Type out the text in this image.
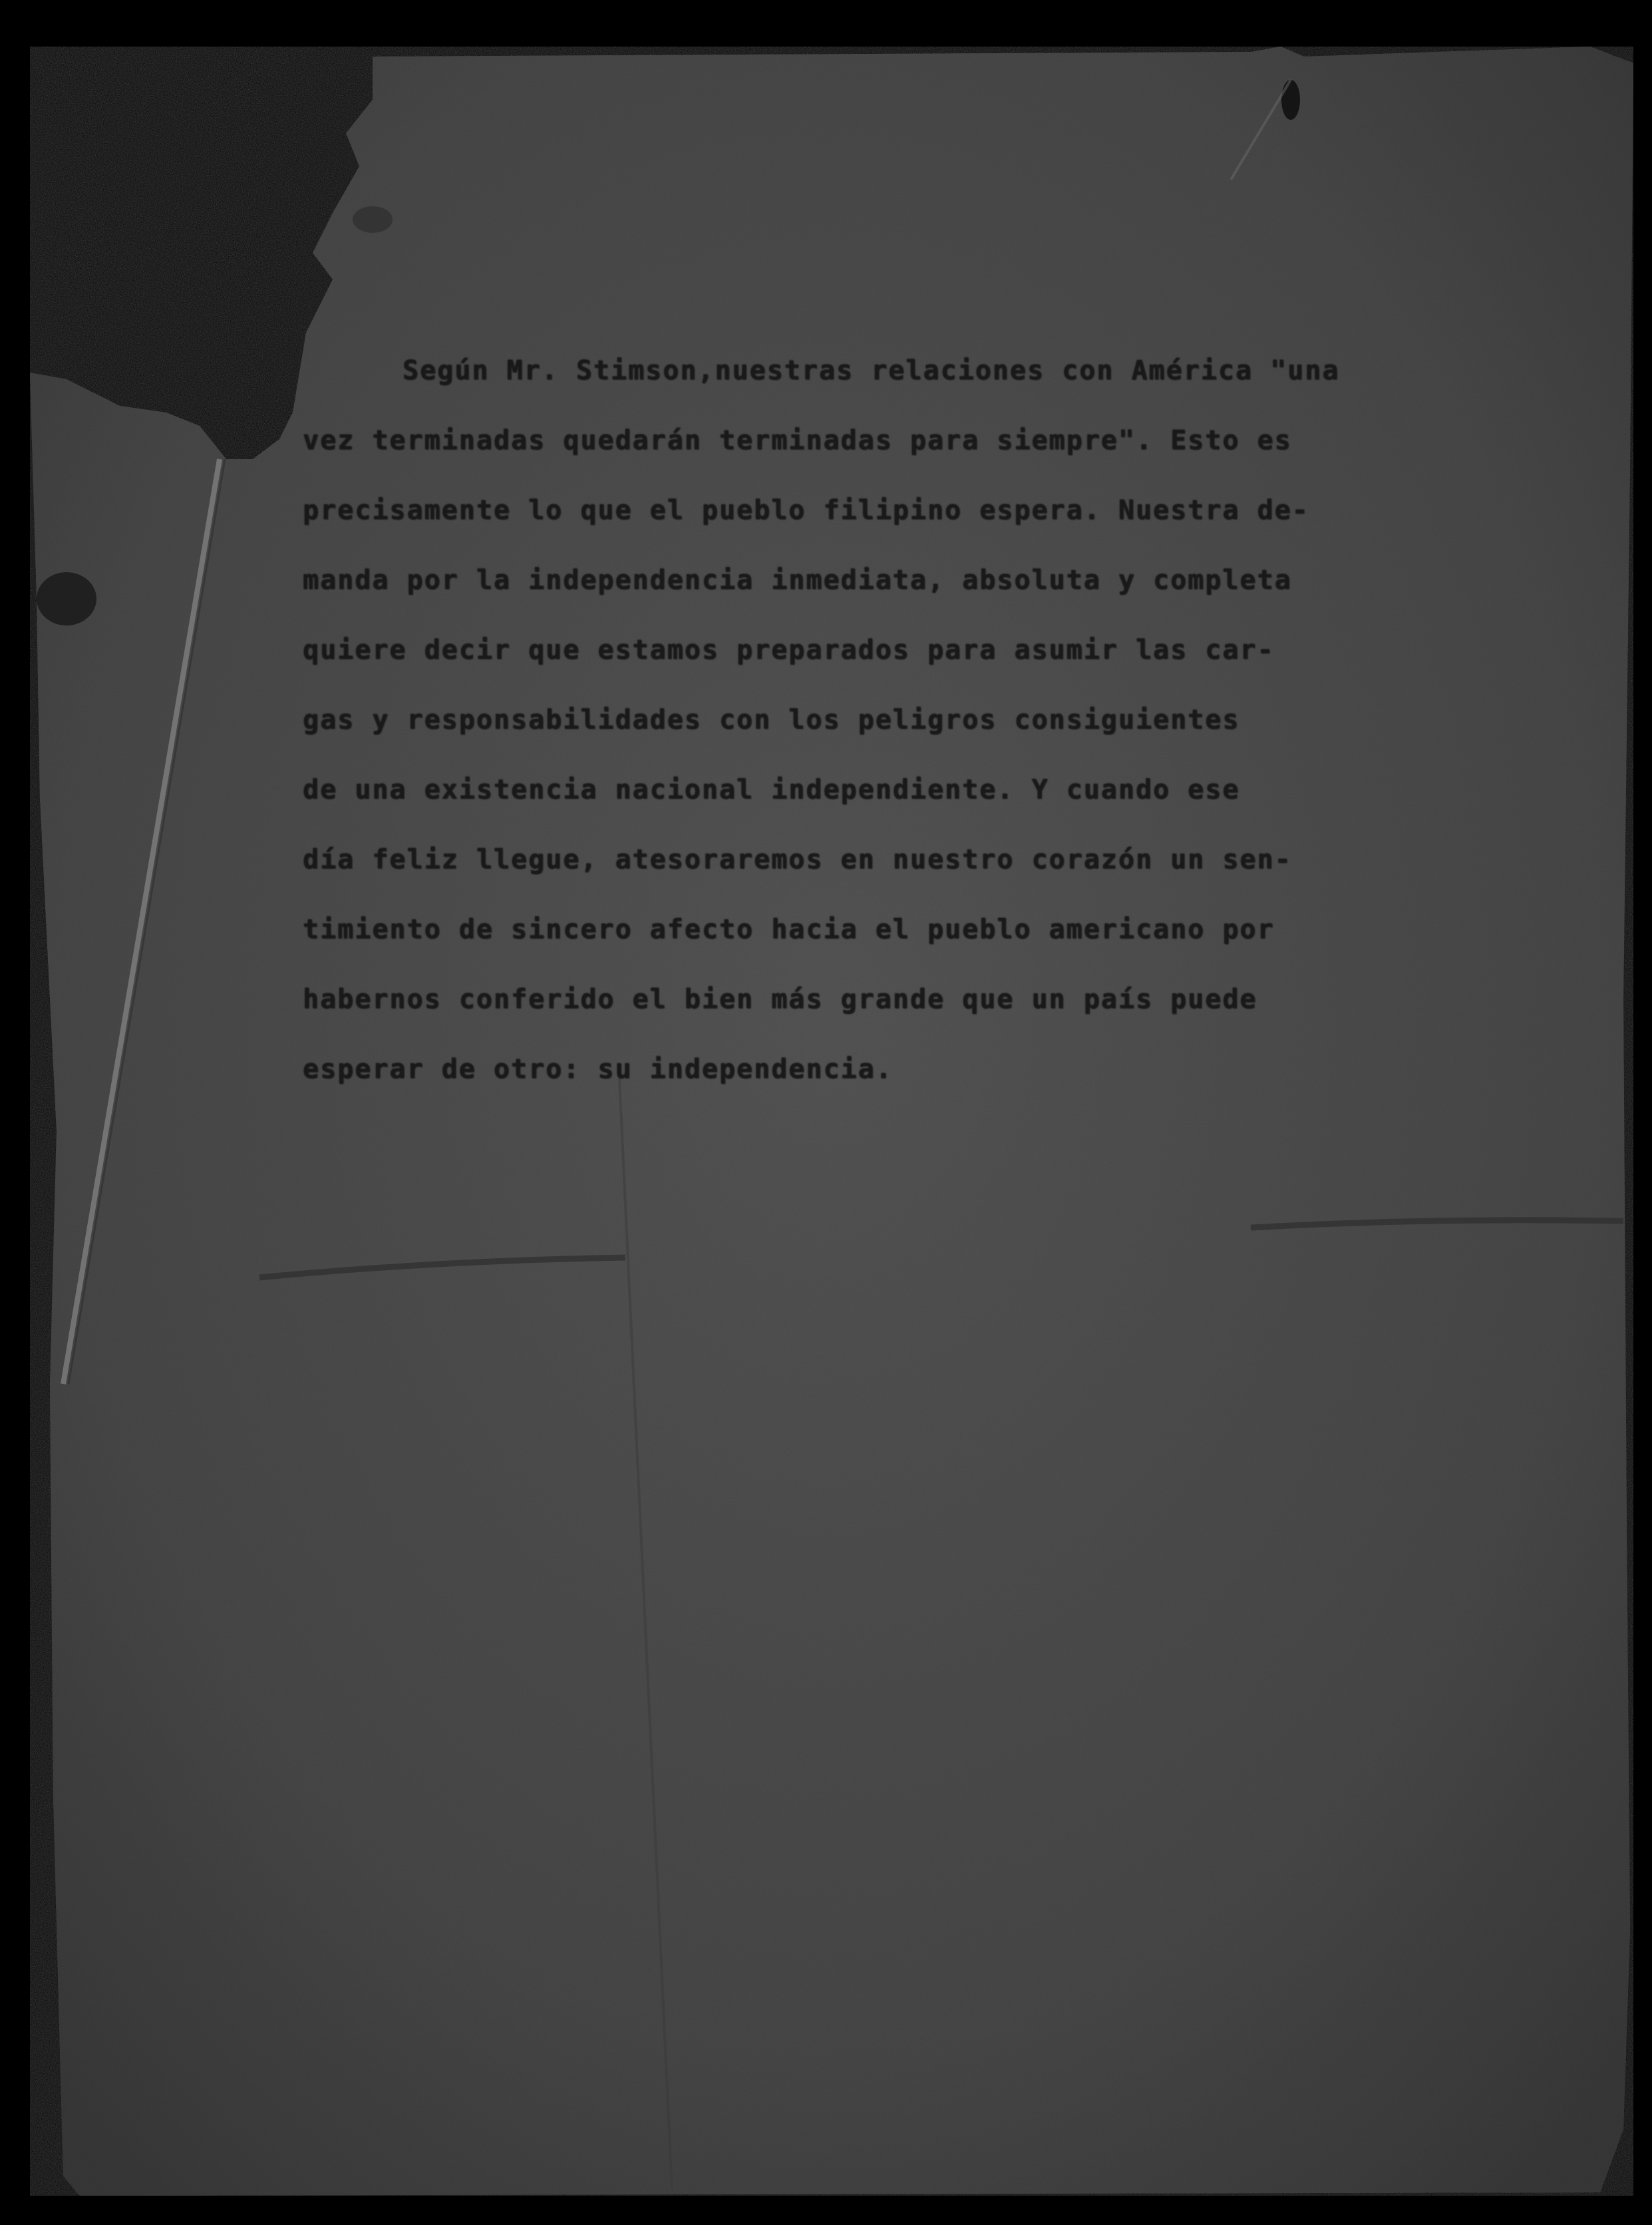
Según Mr. Stimson,nuestras relaciones con América "una
vez terminadas quedarán terminadas para siempre". Esto es
precisamente lo que el pueblo filipino espera. Nuestra de-
manda por la independencia inmediata, absoluta y completa
quiere decir que estamos preparados para asumir las car-
gas y responsabilidades con los peligros consiguientes
de una existencia nacional independiente. Y cuando ese
día feliz llegue, atesoraremos en nuestro corazón un sen-
timiento de sincero afecto hacia el pueblo americano por
habernos conferido el bien más grande que un país puede
esperar de otro: su independencia.
